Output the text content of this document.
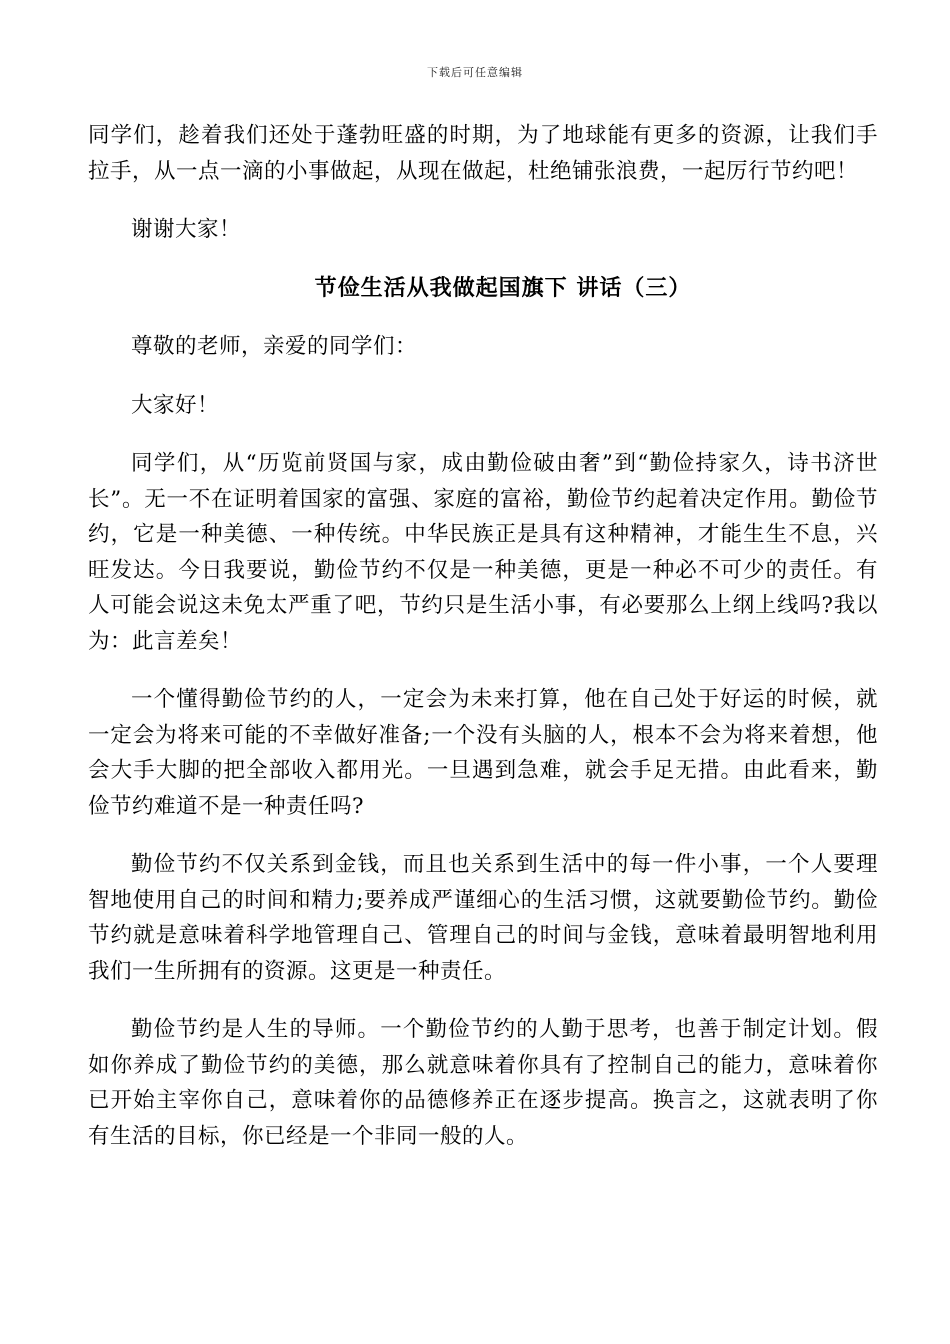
下载后可任意编辑

同学们，趁着我们还处于蓬勃旺盛的时期，为了地球能有更多的资源，让我们手拉手，从一点一滴的小事做起，从现在做起，杜绝铺张浪费，一起厉行节约吧！

谢谢大家！

节俭生活从我做起国旗下 讲话（三）

尊敬的老师，亲爱的同学们：

大家好！

同学们，从“历览前贤国与家，成由勤俭破由奢”到“勤俭持家久，诗书济世长”。无一不在证明着国家的富强、家庭的富裕，勤俭节约起着决定作用。勤俭节约，它是一种美德、一种传统。中华民族正是具有这种精神，才能生生不息，兴旺发达。今日我要说，勤俭节约不仅是一种美德，更是一种必不可少的责任。有人可能会说这未免太严重了吧，节约只是生活小事，有必要那么上纲上线吗?我以为：此言差矣！

一个懂得勤俭节约的人，一定会为未来打算，他在自己处于好运的时候，就一定会为将来可能的不幸做好准备;一个没有头脑的人，根本不会为将来着想，他会大手大脚的把全部收入都用光。一旦遇到急难，就会手足无措。由此看来，勤俭节约难道不是一种责任吗?

勤俭节约不仅关系到金钱，而且也关系到生活中的每一件小事，一个人要理智地使用自己的时间和精力;要养成严谨细心的生活习惯，这就要勤俭节约。勤俭节约就是意味着科学地管理自己、管理自己的时间与金钱，意味着最明智地利用我们一生所拥有的资源。这更是一种责任。

勤俭节约是人生的导师。一个勤俭节约的人勤于思考，也善于制定计划。假如你养成了勤俭节约的美德，那么就意味着你具有了控制自己的能力，意味着你已开始主宰你自己，意味着你的品德修养正在逐步提高。换言之，这就表明了你有生活的目标，你已经是一个非同一般的人。
